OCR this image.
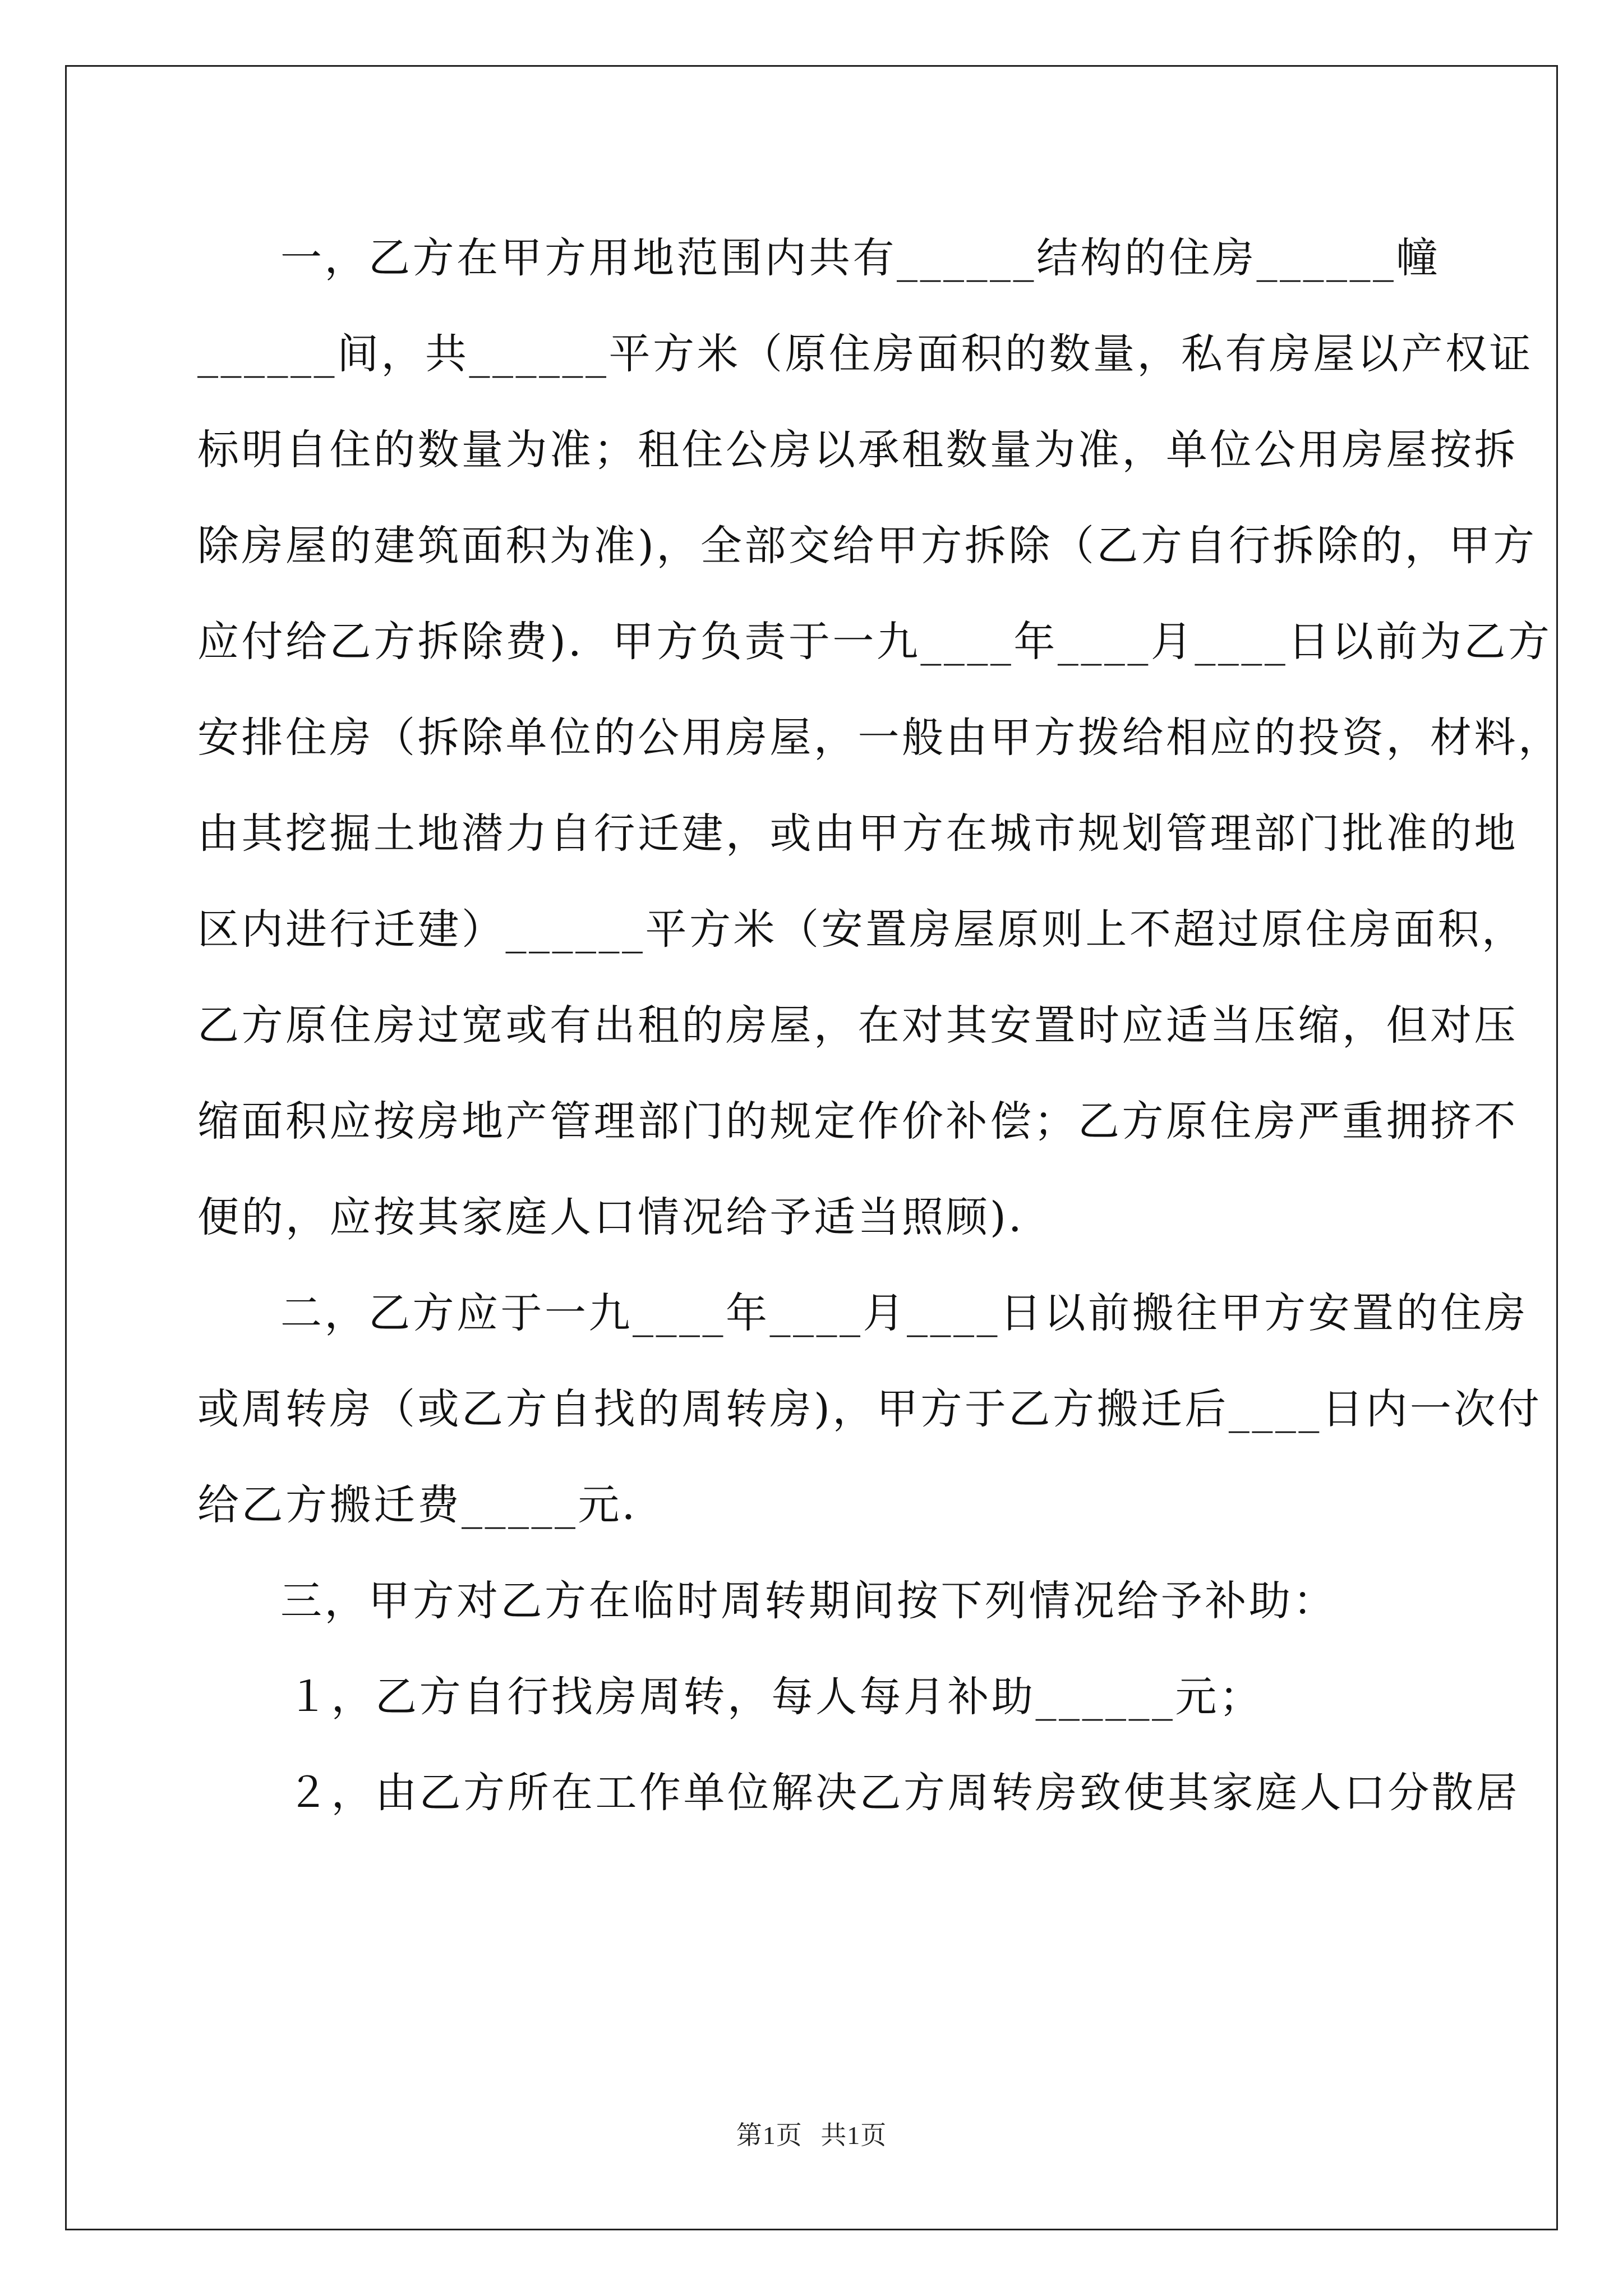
一，乙方在甲方用地范围内共有______结构的住房______幢
______间，共______平方米（原住房面积的数量，私有房屋以产权证
标明自住的数量为准；租住公房以承租数量为准，单位公用房屋按拆
除房屋的建筑面积为准)，全部交给甲方拆除（乙方自行拆除的，甲方
应付给乙方拆除费)．甲方负责于一九____年____月____日以前为乙方
安排住房（拆除单位的公用房屋，一般由甲方拨给相应的投资，材料，
由其挖掘土地潜力自行迁建，或由甲方在城市规划管理部门批准的地
区内进行迁建）______平方米（安置房屋原则上不超过原住房面积，
乙方原住房过宽或有出租的房屋，在对其安置时应适当压缩，但对压
缩面积应按房地产管理部门的规定作价补偿；乙方原住房严重拥挤不
便的，应按其家庭人口情况给予适当照顾)．
二，乙方应于一九____年____月____日以前搬往甲方安置的住房
或周转房（或乙方自找的周转房)，甲方于乙方搬迁后____日内一次付
给乙方搬迁费_____元．
三，甲方对乙方在临时周转期间按下列情况给予补助：
１，乙方自行找房周转，每人每月补助______元；
２，由乙方所在工作单位解决乙方周转房致使其家庭人口分散居
第1页 共1页
